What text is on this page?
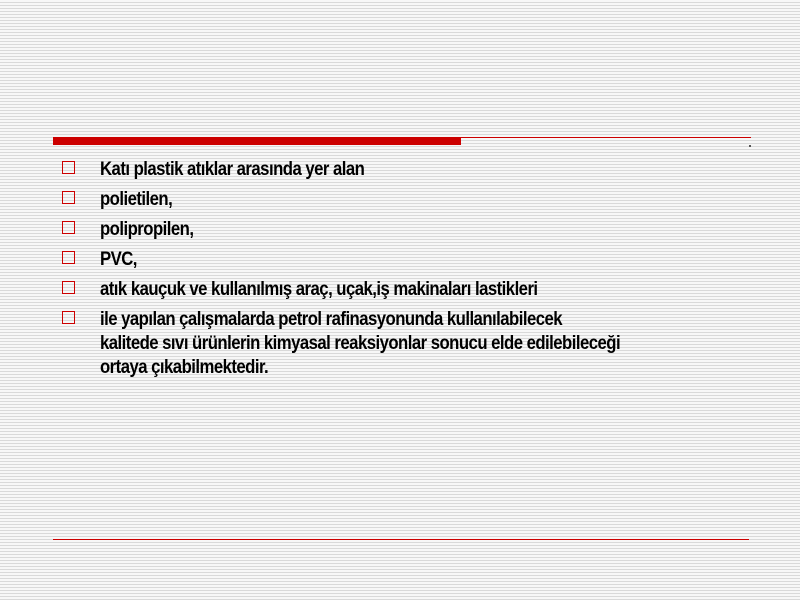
Katı plastik atıklar arasında yer alan
polietilen,
polipropilen,
PVC,
atık kauçuk ve kullanılmış araç, uçak,iş makinaları lastikleri
ile yapılan çalışmalarda petrol rafinasyonunda kullanılabilecek
kalitede sıvı ürünlerin kimyasal reaksiyonlar sonucu elde edilebileceği
ortaya çıkabilmektedir.
